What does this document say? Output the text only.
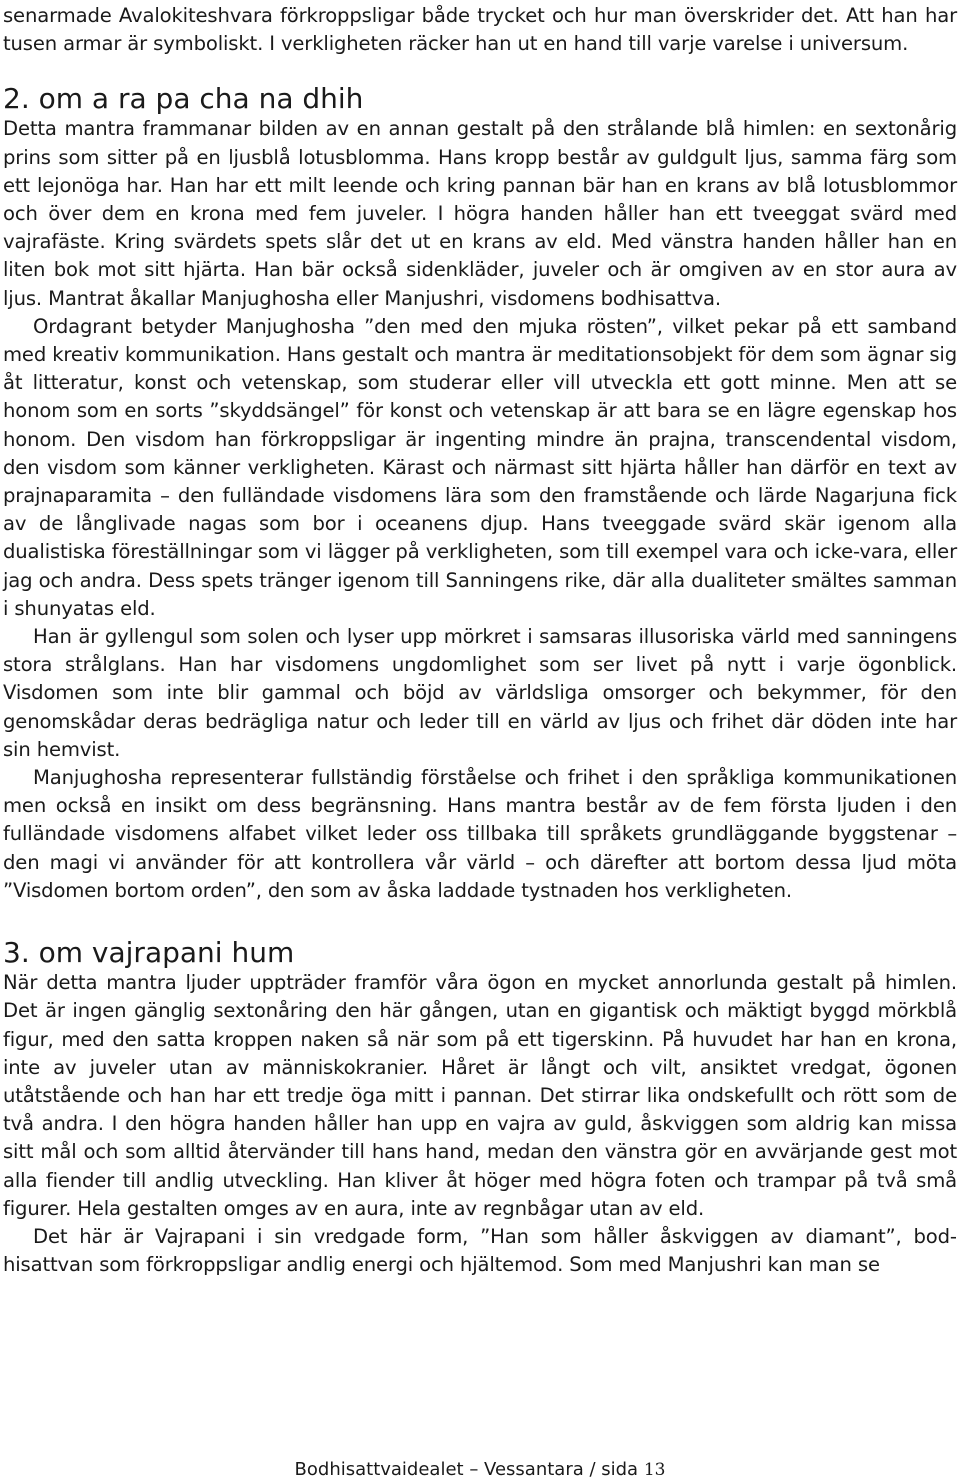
senarmade Avalokiteshvara förkroppsligar både trycket och hur man överskrider det. Att han har tusen armar är symboliskt. I verkligheten räcker han ut en hand till varje varelse i universum.

2. om a ra pa cha na dhih

Detta mantra frammanar bilden av en annan gestalt på den strålande blå himlen: en sextonårig prins som sitter på en ljusblå lotusblomma. Hans kropp består av guldgult ljus, samma färg som ett lejonöga har. Han har ett milt leende och kring pannan bär han en krans av blå lotusblommor och över dem en krona med fem juveler. I högra handen håller han ett tveeggat svärd med vajrafäste. Kring svärdets spets slår det ut en krans av eld. Med vänstra handen håller han en liten bok mot sitt hjärta. Han bär också sidenkläder, juveler och är omgiven av en stor aura av ljus. Mantrat åkallar Manjughosha eller Manjushri, visdomens bodhisattva.

Ordagrant betyder Manjughosha ”den med den mjuka rösten”, vilket pekar på ett samband med kreativ kommunikation. Hans gestalt och mantra är meditationsobjekt för dem som ägnar sig åt litteratur, konst och vetenskap, som studerar eller vill utveckla ett gott minne. Men att se honom som en sorts ”skyddsängel” för konst och vetenskap är att bara se en lägre egenskap hos honom. Den visdom han förkroppsligar är ingenting mindre än prajna, transcendental visdom, den visdom som känner verkligheten. Kärast och närmast sitt hjärta håller han därför en text av prajnaparamita – den fulländade visdomens lära som den framstående och lärde Nagarjuna fick av de långlivade nagas som bor i oceanens djup. Hans tveeggade svärd skär igenom alla dualistiska föreställningar som vi lägger på verkligheten, som till exempel vara och icke-vara, eller jag och andra. Dess spets tränger igenom till Sanningens rike, där alla dualiteter smältes samman i shunyatas eld.

Han är gyllengul som solen och lyser upp mörkret i samsaras illusoriska värld med sanningens stora strålglans. Han har visdomens ungdomlighet som ser livet på nytt i varje ögonblick. Visdomen som inte blir gammal och böjd av världsliga omsorger och bekymmer, för den genomskådar deras bedrägliga natur och leder till en värld av ljus och frihet där döden inte har sin hemvist.

Manjughosha representerar fullständig förståelse och frihet i den språkliga kommunikationen men också en insikt om dess begränsning. Hans mantra består av de fem första ljuden i den fulländade visdomens alfabet vilket leder oss tillbaka till språkets grundläggande byggstenar – den magi vi använder för att kontrollera vår värld – och därefter att bortom dessa ljud möta ”Visdomen bortom orden”, den som av åska laddade tystnaden hos verkligheten.

3. om vajrapani hum

När detta mantra ljuder uppträder framför våra ögon en mycket annorlunda gestalt på himlen. Det är ingen gänglig sextonåring den här gången, utan en gigantisk och mäktigt byggd mörkblå figur, med den satta kroppen naken så när som på ett tigerskinn. På huvudet har han en krona, inte av juveler utan av människokranier. Håret är långt och vilt, ansiktet vredgat, ögonen utåtstående och han har ett tredje öga mitt i pannan. Det stirrar lika ondskefullt och rött som de två andra. I den högra handen håller han upp en vajra av guld, åskviggen som aldrig kan missa sitt mål och som alltid återvänder till hans hand, medan den vänstra gör en avvärjande gest mot alla fiender till andlig utveckling. Han kliver åt höger med högra foten och trampar på två små figurer. Hela gestalten omges av en aura, inte av regnbågar utan av eld.

Det här är Vajrapani i sin vredgade form, ”Han som håller åskviggen av diamant”, bodhisattvan som förkroppsligar andlig energi och hjältemod. Som med Manjushri kan man se

Bodhisattvaidealet – Vessantara / sida 13
